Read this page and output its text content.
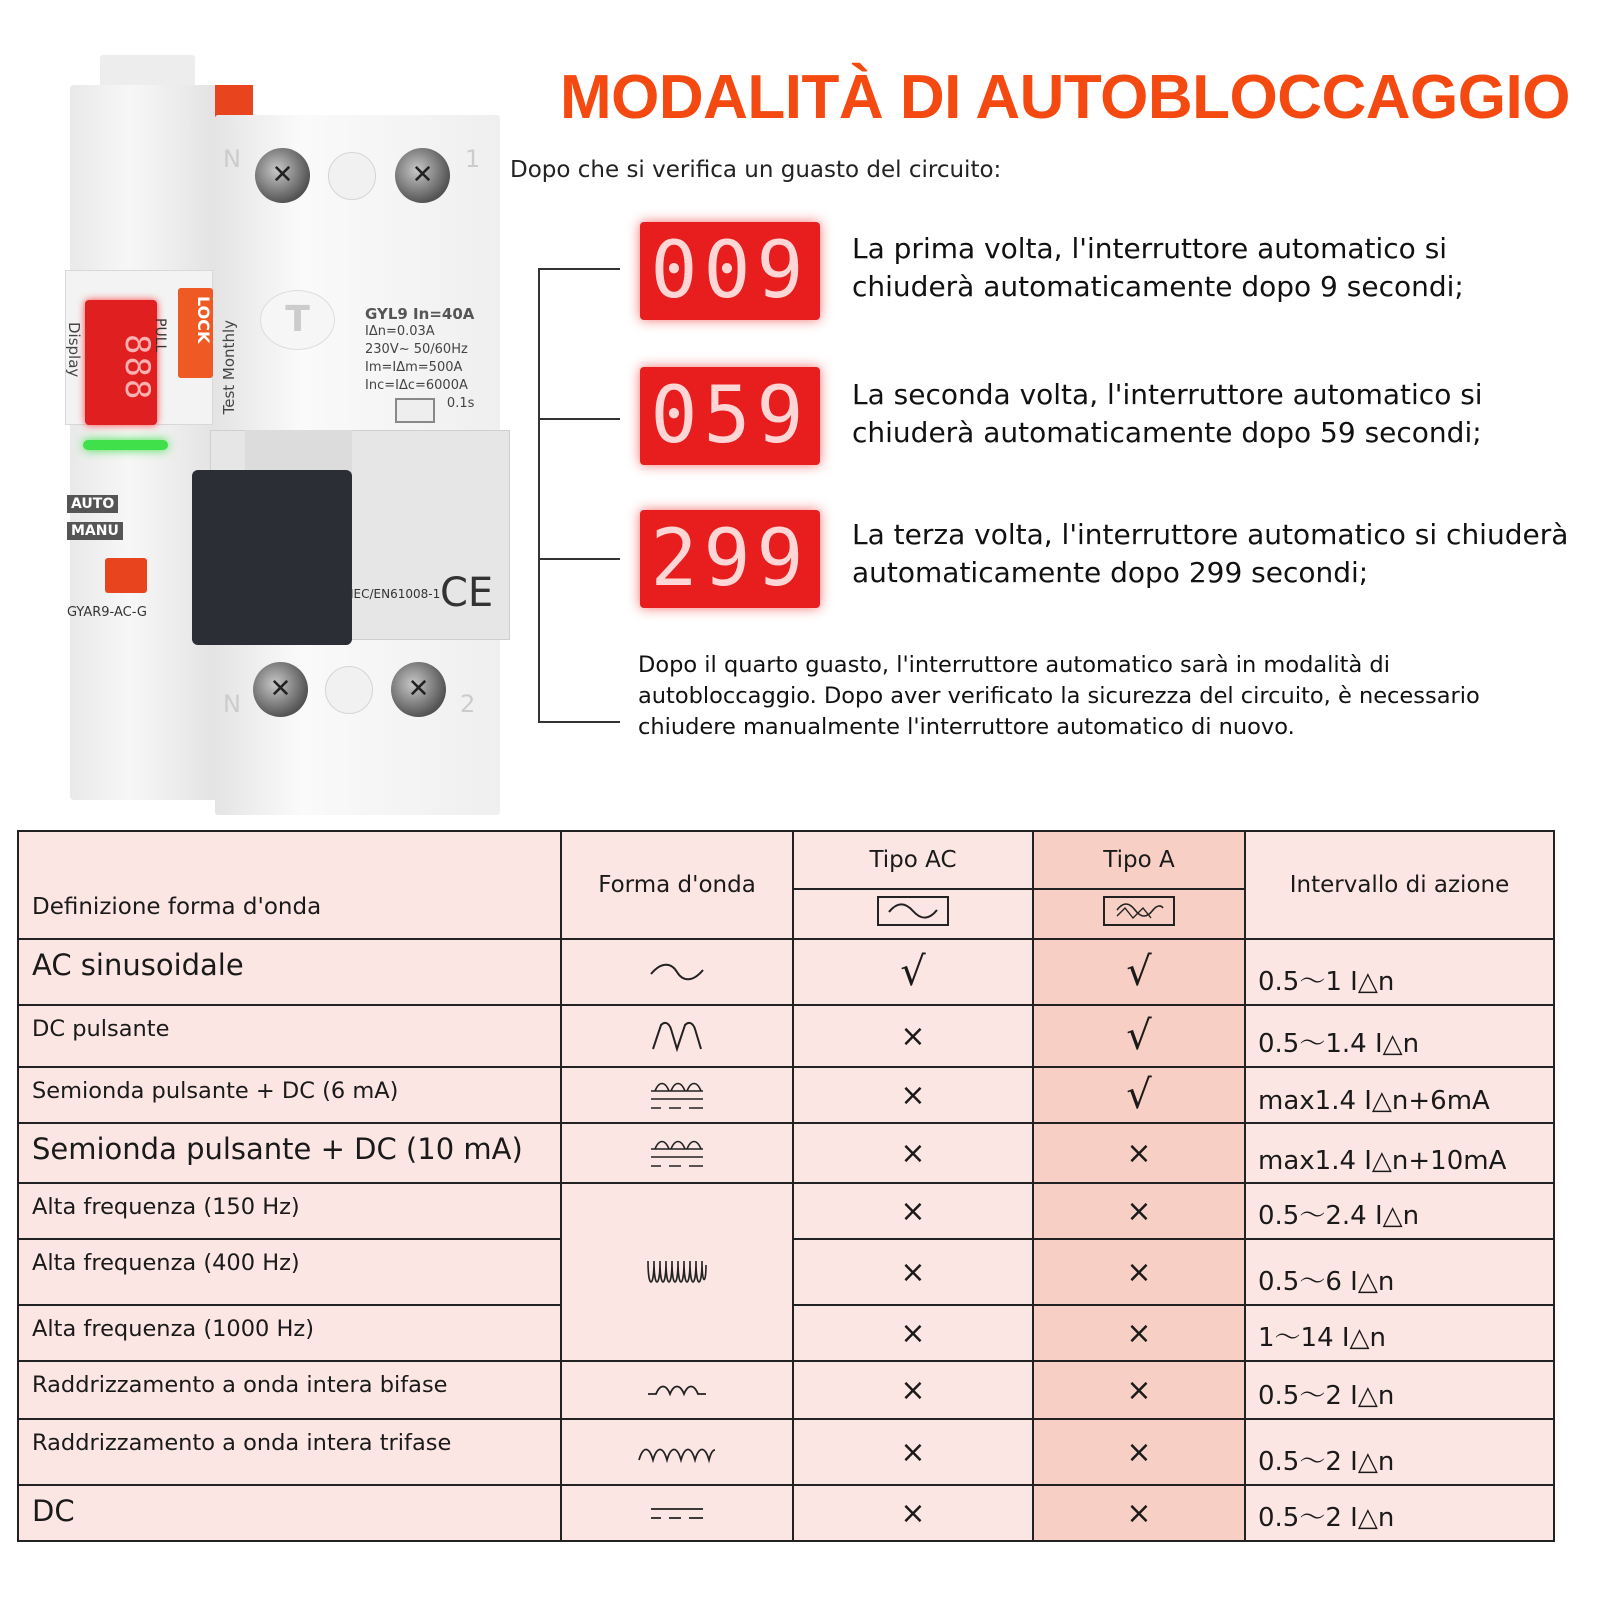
888
Display	PULL	LOCK
AUTO
MANU
GYAR9-AC-G
✕
✕
N	1
T
Test Monthly
GYL9 In=40A
IΔn=0.03A
230V~ 50/60Hz
Im=IΔm=500A
Inc=IΔc=6000A
0.1s
IEC/EN61008-1 CE
✕
✕
N	2
MODALITÀ DI AUTOBLOCCAGGIO
Dopo che si verifica un guasto del circuito:
009	La prima volta, l'interruttore automatico si chiuderà automaticamente dopo 9 secondi;
059	La seconda volta, l'interruttore automatico si chiuderà automaticamente dopo 59 secondi;
299	La terza volta, l'interruttore automatico si chiuderà automaticamente dopo 299 secondi;
Dopo il quarto guasto, l'interruttore automatico sarà in modalità di autobloccaggio. Dopo aver verificato la sicurezza del circuito, è necessario chiudere manualmente l'interruttore automatico di nuovo.
Definizione forma d'onda	Forma d'onda	Tipo AC	Tipo A	Intervallo di azione

AC sinusoidale		√	√	0.5～1 I△n
DC pulsante		×	√	0.5～1.4 I△n
Semionda pulsante + DC (6 mA)		×	√	max1.4 I△n+6mA
Semionda pulsante + DC (10 mA)		×	×	max1.4 I△n+10mA
Alta frequenza (150 Hz)		×	×	0.5～2.4 I△n
Alta frequenza (400 Hz)		×	×	0.5～6 I△n
Alta frequenza (1000 Hz)		×	×	1～14 I△n
Raddrizzamento a onda intera bifase		×	×	0.5～2 I△n
Raddrizzamento a onda intera trifase		×	×	0.5～2 I△n
DC		×	×	0.5～2 I△n
